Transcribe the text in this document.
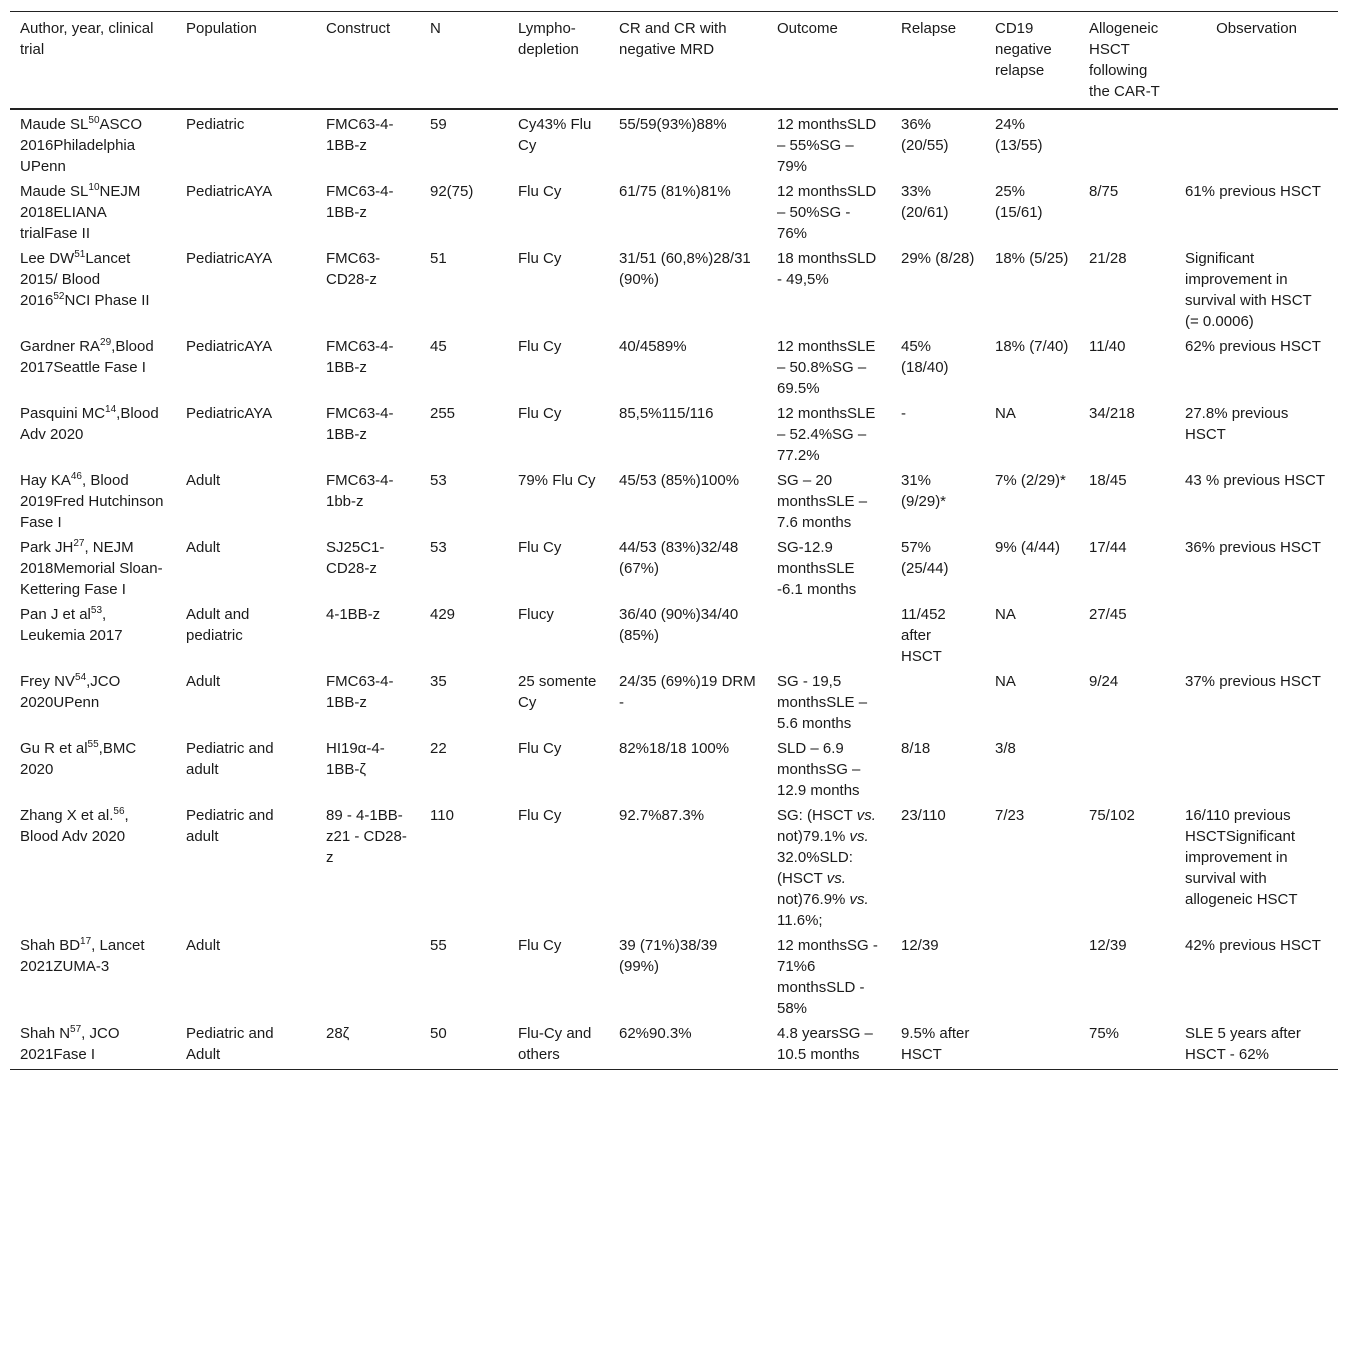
Author, year, clinical trial	Population	Construct	N	Lympho-depletion	CR and CR with negative MRD	Outcome	Relapse	CD19 negative relapse	Allogeneic HSCT following the CAR-T	Observation
Maude SL$^{50}$ASCO 2016Philadelphia UPenn	Pediatric	FMC63-4-1BB-z	59	Cy43% Flu Cy	55/59(93%)88%	12 monthsSLD – 55%SG – 79%	36% (20/55)	24% (13/55)		
Maude SL$^{10}$NEJM 2018ELIANA trialFase II	PediatricAYA	FMC63-4-1BB-z	92(75)	Flu Cy	61/75 (81%)81%	12 monthsSLD – 50%SG - 76%	33% (20/61)	25% (15/61)	8/75	61% previous HSCT
Lee DW$^{51}$Lancet 2015/ Blood 2016$^{52}$NCI Phase II	PediatricAYA	FMC63-CD28-z	51	Flu Cy	31/51 (60,8%)28/31 (90%)	18 monthsSLD - 49,5%	29% (8/28)	18% (5/25)	21/28	Significant improvement in survival with HSCT (= 0.0006)
Gardner RA$^{29}$,Blood 2017Seattle Fase I	PediatricAYA	FMC63-4-1BB-z	45	Flu Cy	40/4589%	12 monthsSLE – 50.8%SG – 69.5%	45% (18/40)	18% (7/40)	11/40	62% previous HSCT
Pasquini MC$^{14}$,Blood Adv 2020	PediatricAYA	FMC63-4-1BB-z	255	Flu Cy	85,5%115/116	12 monthsSLE – 52.4%SG – 77.2%	-	NA	34/218	27.8% previous HSCT
Hay KA$^{46}$, Blood 2019Fred Hutchinson Fase I	Adult	FMC63-4-1bb-z	53	79% Flu Cy	45/53 (85%)100%	SG – 20 monthsSLE –7.6 months	31% (9/29)*	7% (2/29)*	18/45	43 % previous HSCT
Park JH$^{27}$, NEJM 2018Memorial Sloan-Kettering Fase I	Adult	SJ25C1-CD28-z	53	Flu Cy	44/53 (83%)32/48 (67%)	SG-12.9 monthsSLE -6.1 months	57% (25/44)	9% (4/44)	17/44	36% previous HSCT
Pan J et $al^{53}$, Leukemia 2017	Adult and pediatric	4-1BB-z	429	Flucy	36/40 (90%)34/40 (85%)		11/452 after HSCT	NA	27/45	
Frey NV$^{54}$,JCO 2020UPenn	Adult	FMC63-4-1BB-z	35	25 somente Cy	24/35 (69%)19 DRM -	SG - 19,5 monthsSLE – 5.6 months		NA	9/24	37% previous HSCT
Gu R et $al^{55},BMC$ 2020	Pediatric and adult	HI19α-4-1BB-ζ	22	Flu Cy	82%18/18 100%	SLD – 6.9 monthsSG – 12.9 months	8/18	3/8		
Zhang X et al.$^{56}$, Blood Adv 2020	Pediatric and adult	89 - 4-1BB-z21 - CD28-z	110	Flu Cy	92.7%87.3%	SG: (HSCT vs. not)79.1% vs. 32.0%SLD: (HSCT vs. not)76.9% vs. 11.6%;	23/110	7/23	75/102	16/110 previous HSCTSignificant improvement in survival with allogeneic HSCT
Shah BD$^{17}$, Lancet 2021ZUMA-3	Adult		55	Flu Cy	39 (71%)38/39 (99%)	12 monthsSG - 71%6 monthsSLD - 58%	12/39		12/39	42% previous HSCT
Shah $N^{57}$, JCO 2021Fase I	Pediatric and Adult	28ζ	50	Flu-Cy and others	62%90.3%	4.8 yearsSG – 10.5 months	9.5% after HSCT		75%	SLE 5 years after HSCT - 62%
